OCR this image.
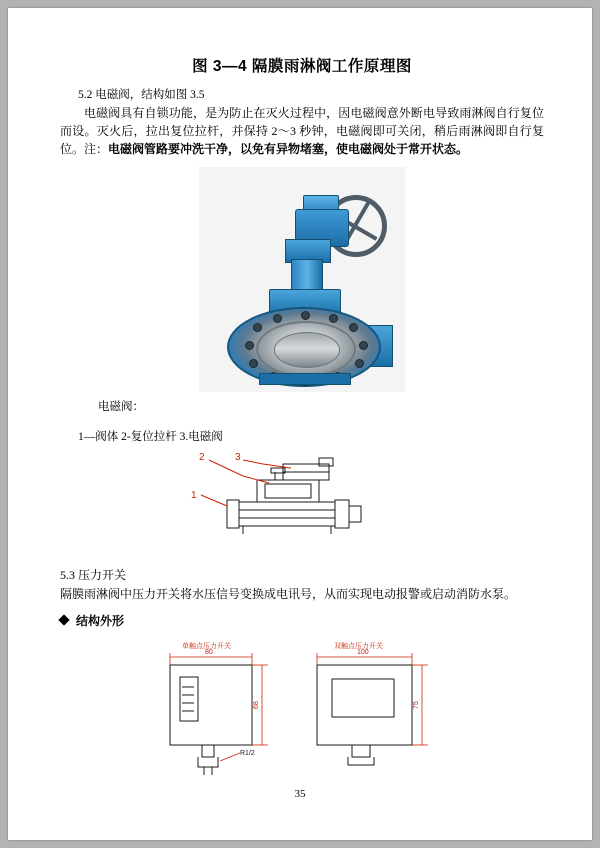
图 3—4 隔膜雨淋阀工作原理图
5.2 电磁阀，结构如图 3.5

电磁阀具有自锁功能，是为防止在灭火过程中，因电磁阀意外断电导致雨淋阀自行复位而设。灭火后，拉出复位拉杆，并保持 2～3 秒钟，电磁阀即可关闭，稍后雨淋阀即自行复位。注：电磁阀管路要冲洗干净，以免有异物堵塞，使电磁阀处于常开状态。

电磁阀：
1—阀体 2-复位拉杆 3.电磁阀
2	3
1
5.3 压力开关
隔膜雨淋阀中压力开关将水压信号变换成电讯号，从而实现电动报警或启动消防水泵。
结构外形
单触点压力开关
80
68
R1/2
双触点压力开关
100
75
35
